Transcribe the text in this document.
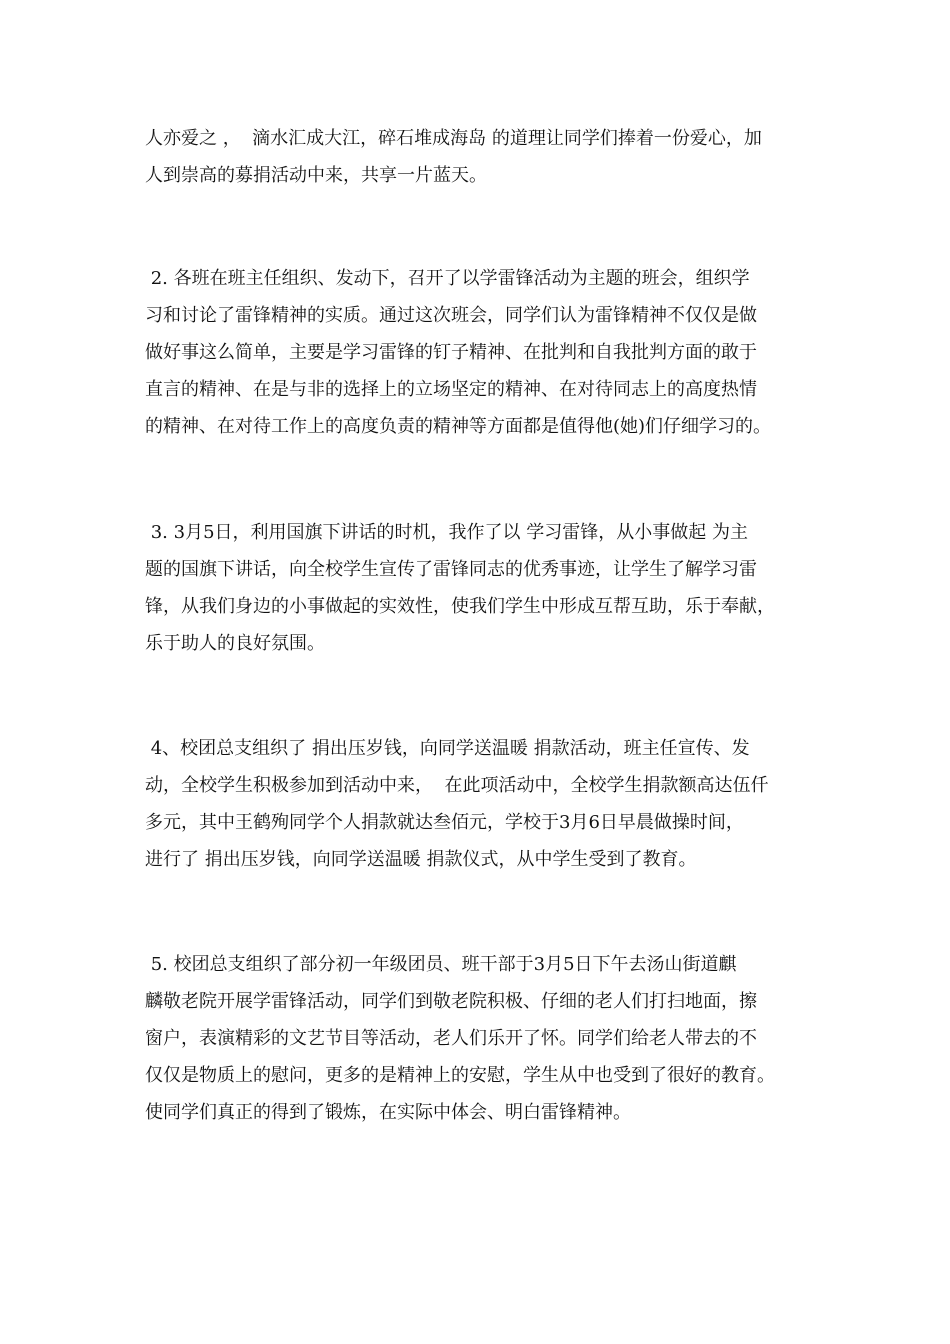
人亦爱之 ，  滴水汇成大江，碎石堆成海岛 的道理让同学们捧着一份爱心，加
人到崇高的募捐活动中来，共享一片蓝天。
2. 各班在班主任组织、发动下，召开了以学雷锋活动为主题的班会，组织学
习和讨论了雷锋精神的实质。通过这次班会，同学们认为雷锋精神不仅仅是做
做好事这么简单，主要是学习雷锋的钉子精神、在批判和自我批判方面的敢于
直言的精神、在是与非的选择上的立场坚定的精神、在对待同志上的高度热情
的精神、在对待工作上的高度负责的精神等方面都是值得他(她)们仔细学习的。
3. 3月5日，利用国旗下讲话的时机，我作了以 学习雷锋，从小事做起 为主
题的国旗下讲话，向全校学生宣传了雷锋同志的优秀事迹，让学生了解学习雷
锋，从我们身边的小事做起的实效性，使我们学生中形成互帮互助，乐于奉献，
乐于助人的良好氛围。
4、校团总支组织了 捐出压岁钱，向同学送温暖 捐款活动，班主任宣传、发
动，全校学生积极参加到活动中来，  在此项活动中，全校学生捐款额高达伍仟
多元，其中王鹤殉同学个人捐款就达叁佰元，学校于3月6日早晨做操时间，
进行了 捐出压岁钱，向同学送温暖 捐款仪式，从中学生受到了教育。
5. 校团总支组织了部分初一年级团员、班干部于3月5日下午去汤山街道麒
麟敬老院开展学雷锋活动，同学们到敬老院积极、仔细的老人们打扫地面，擦
窗户，表演精彩的文艺节目等活动，老人们乐开了怀。同学们给老人带去的不
仅仅是物质上的慰问，更多的是精神上的安慰，学生从中也受到了很好的教育。
使同学们真正的得到了锻炼，在实际中体会、明白雷锋精神。
